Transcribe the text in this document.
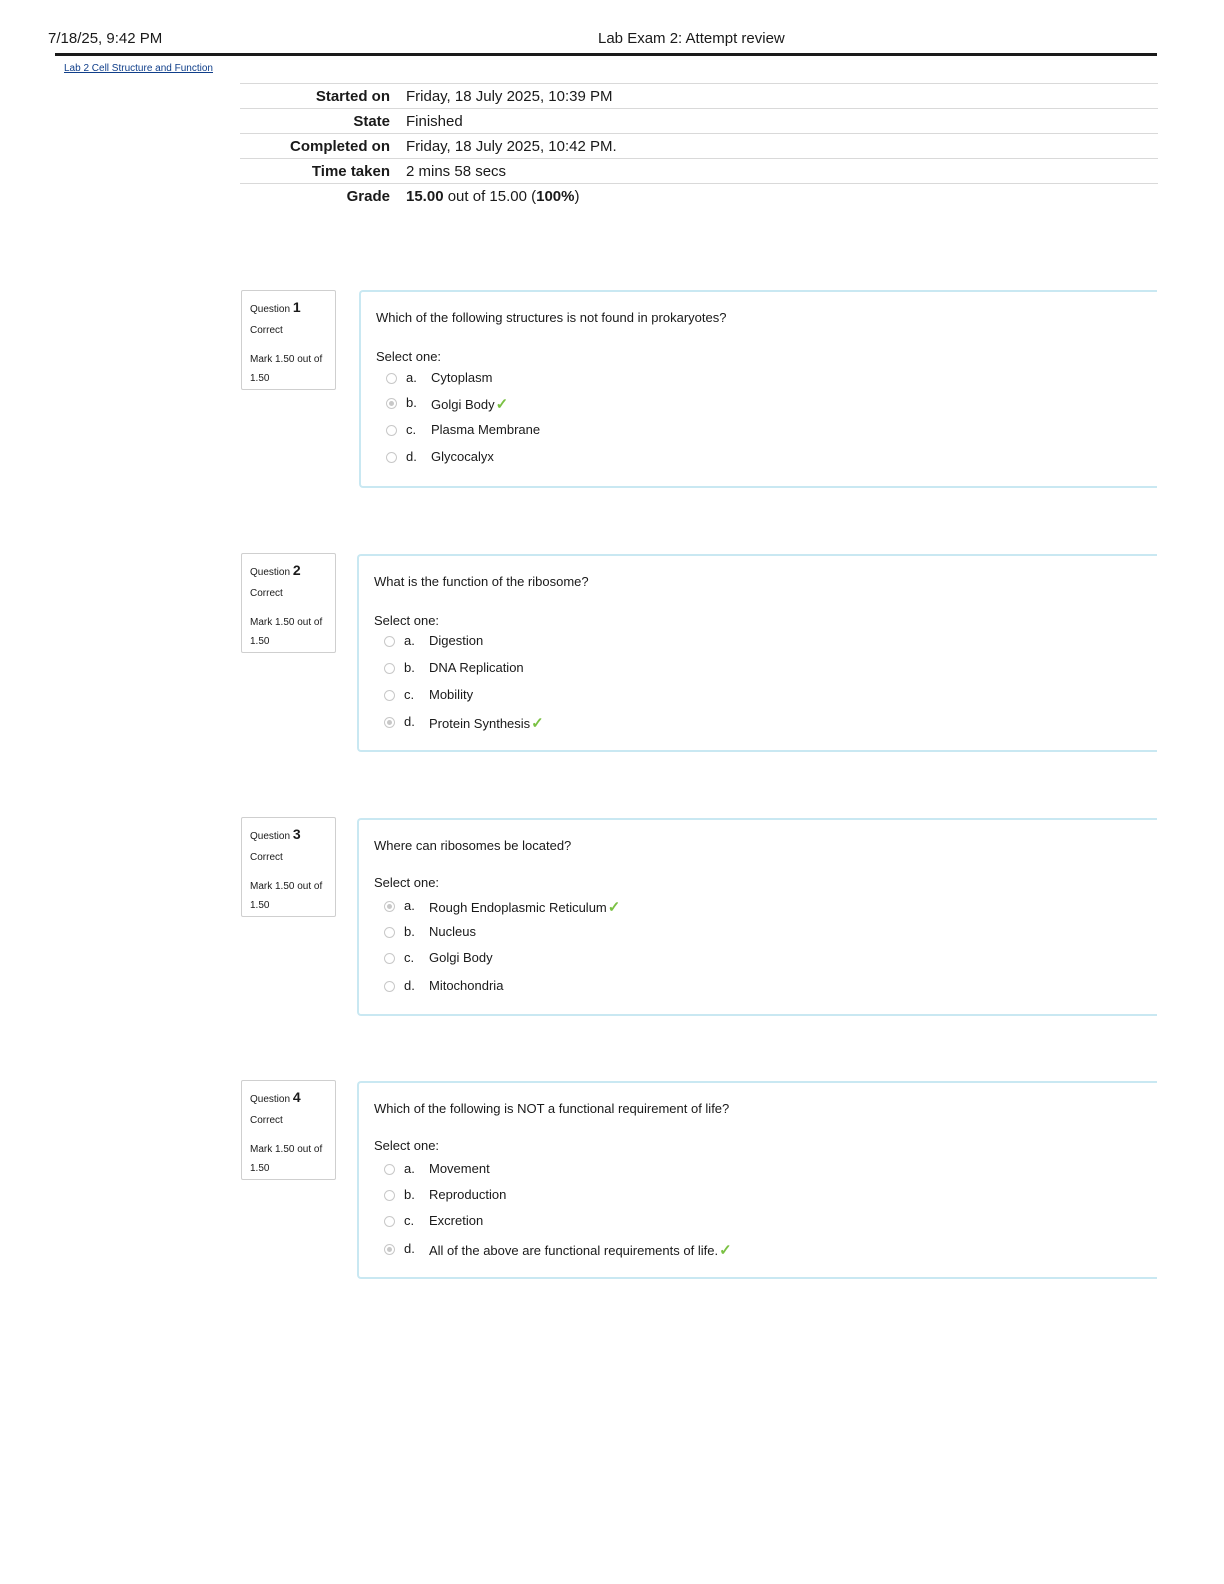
7/18/25, 9:42 PM	Lab Exam 2: Attempt review
Lab 2 Cell Structure and Function
Started on	Friday, 18 July 2025, 10:39 PM
State	Finished
Completed on	Friday, 18 July 2025, 10:42 PM.
Time taken	2 mins 58 secs
Grade	15.00 out of 15.00 (100%)
Question 1
Correct
Mark 1.50 out of 1.50
Which of the following structures is not found in prokaryotes?
Select one:
a. Cytoplasm
b. Golgi Body✓
c. Plasma Membrane
d. Glycocalyx
Question 2
Correct
Mark 1.50 out of 1.50
What is the function of the ribosome?
Select one:
a. Digestion
b. DNA Replication
c. Mobility
d. Protein Synthesis✓
Question 3
Correct
Mark 1.50 out of 1.50
Where can ribosomes be located?
Select one:
a. Rough Endoplasmic Reticulum✓
b. Nucleus
c. Golgi Body
d. Mitochondria
Question 4
Correct
Mark 1.50 out of 1.50
Which of the following is NOT a functional requirement of life?
Select one:
a. Movement
b. Reproduction
c. Excretion
d. All of the above are functional requirements of life.✓
